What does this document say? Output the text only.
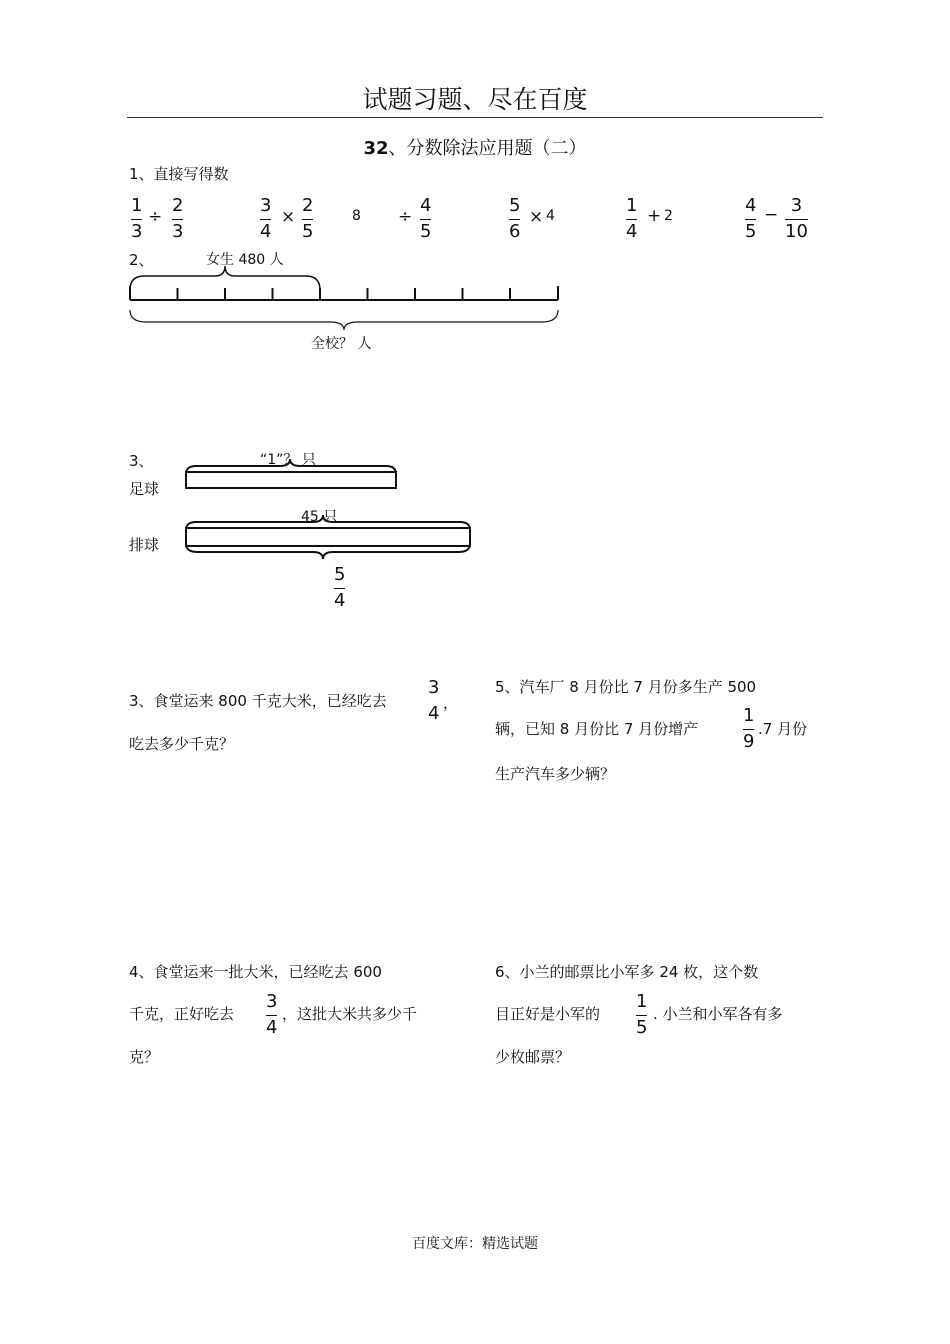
试题习题、尽在百度
32、分数除法应用题（二）
1、直接写得数
1
3
÷
2
3
3
4
×
2
5
8 ÷
4
5
5
6
× 4	1
4
+ 2	4
5
− 3
10
2、	女生 480 人
全校？ 人
3、	“1”？ 只
足球
45 只
排球
5
4
3、食堂运来 800 千克大米，已经吃去
3
4 ，
吃去多少千克？
5、汽车厂 8 月份比 7 月份多生产 500
辆，已知 8 月份比 7 月份增产
1
9
.7 月份
生产汽车多少辆？
4、食堂运来一批大米，已经吃去 600
千克，正好吃去
3
4
，这批大米共多少千
克？
6、小兰的邮票比小军多 24 枚，这个数
目正好是小军的
1
5
. 小兰和小军各有多
少枚邮票？
百度文库：精选试题
